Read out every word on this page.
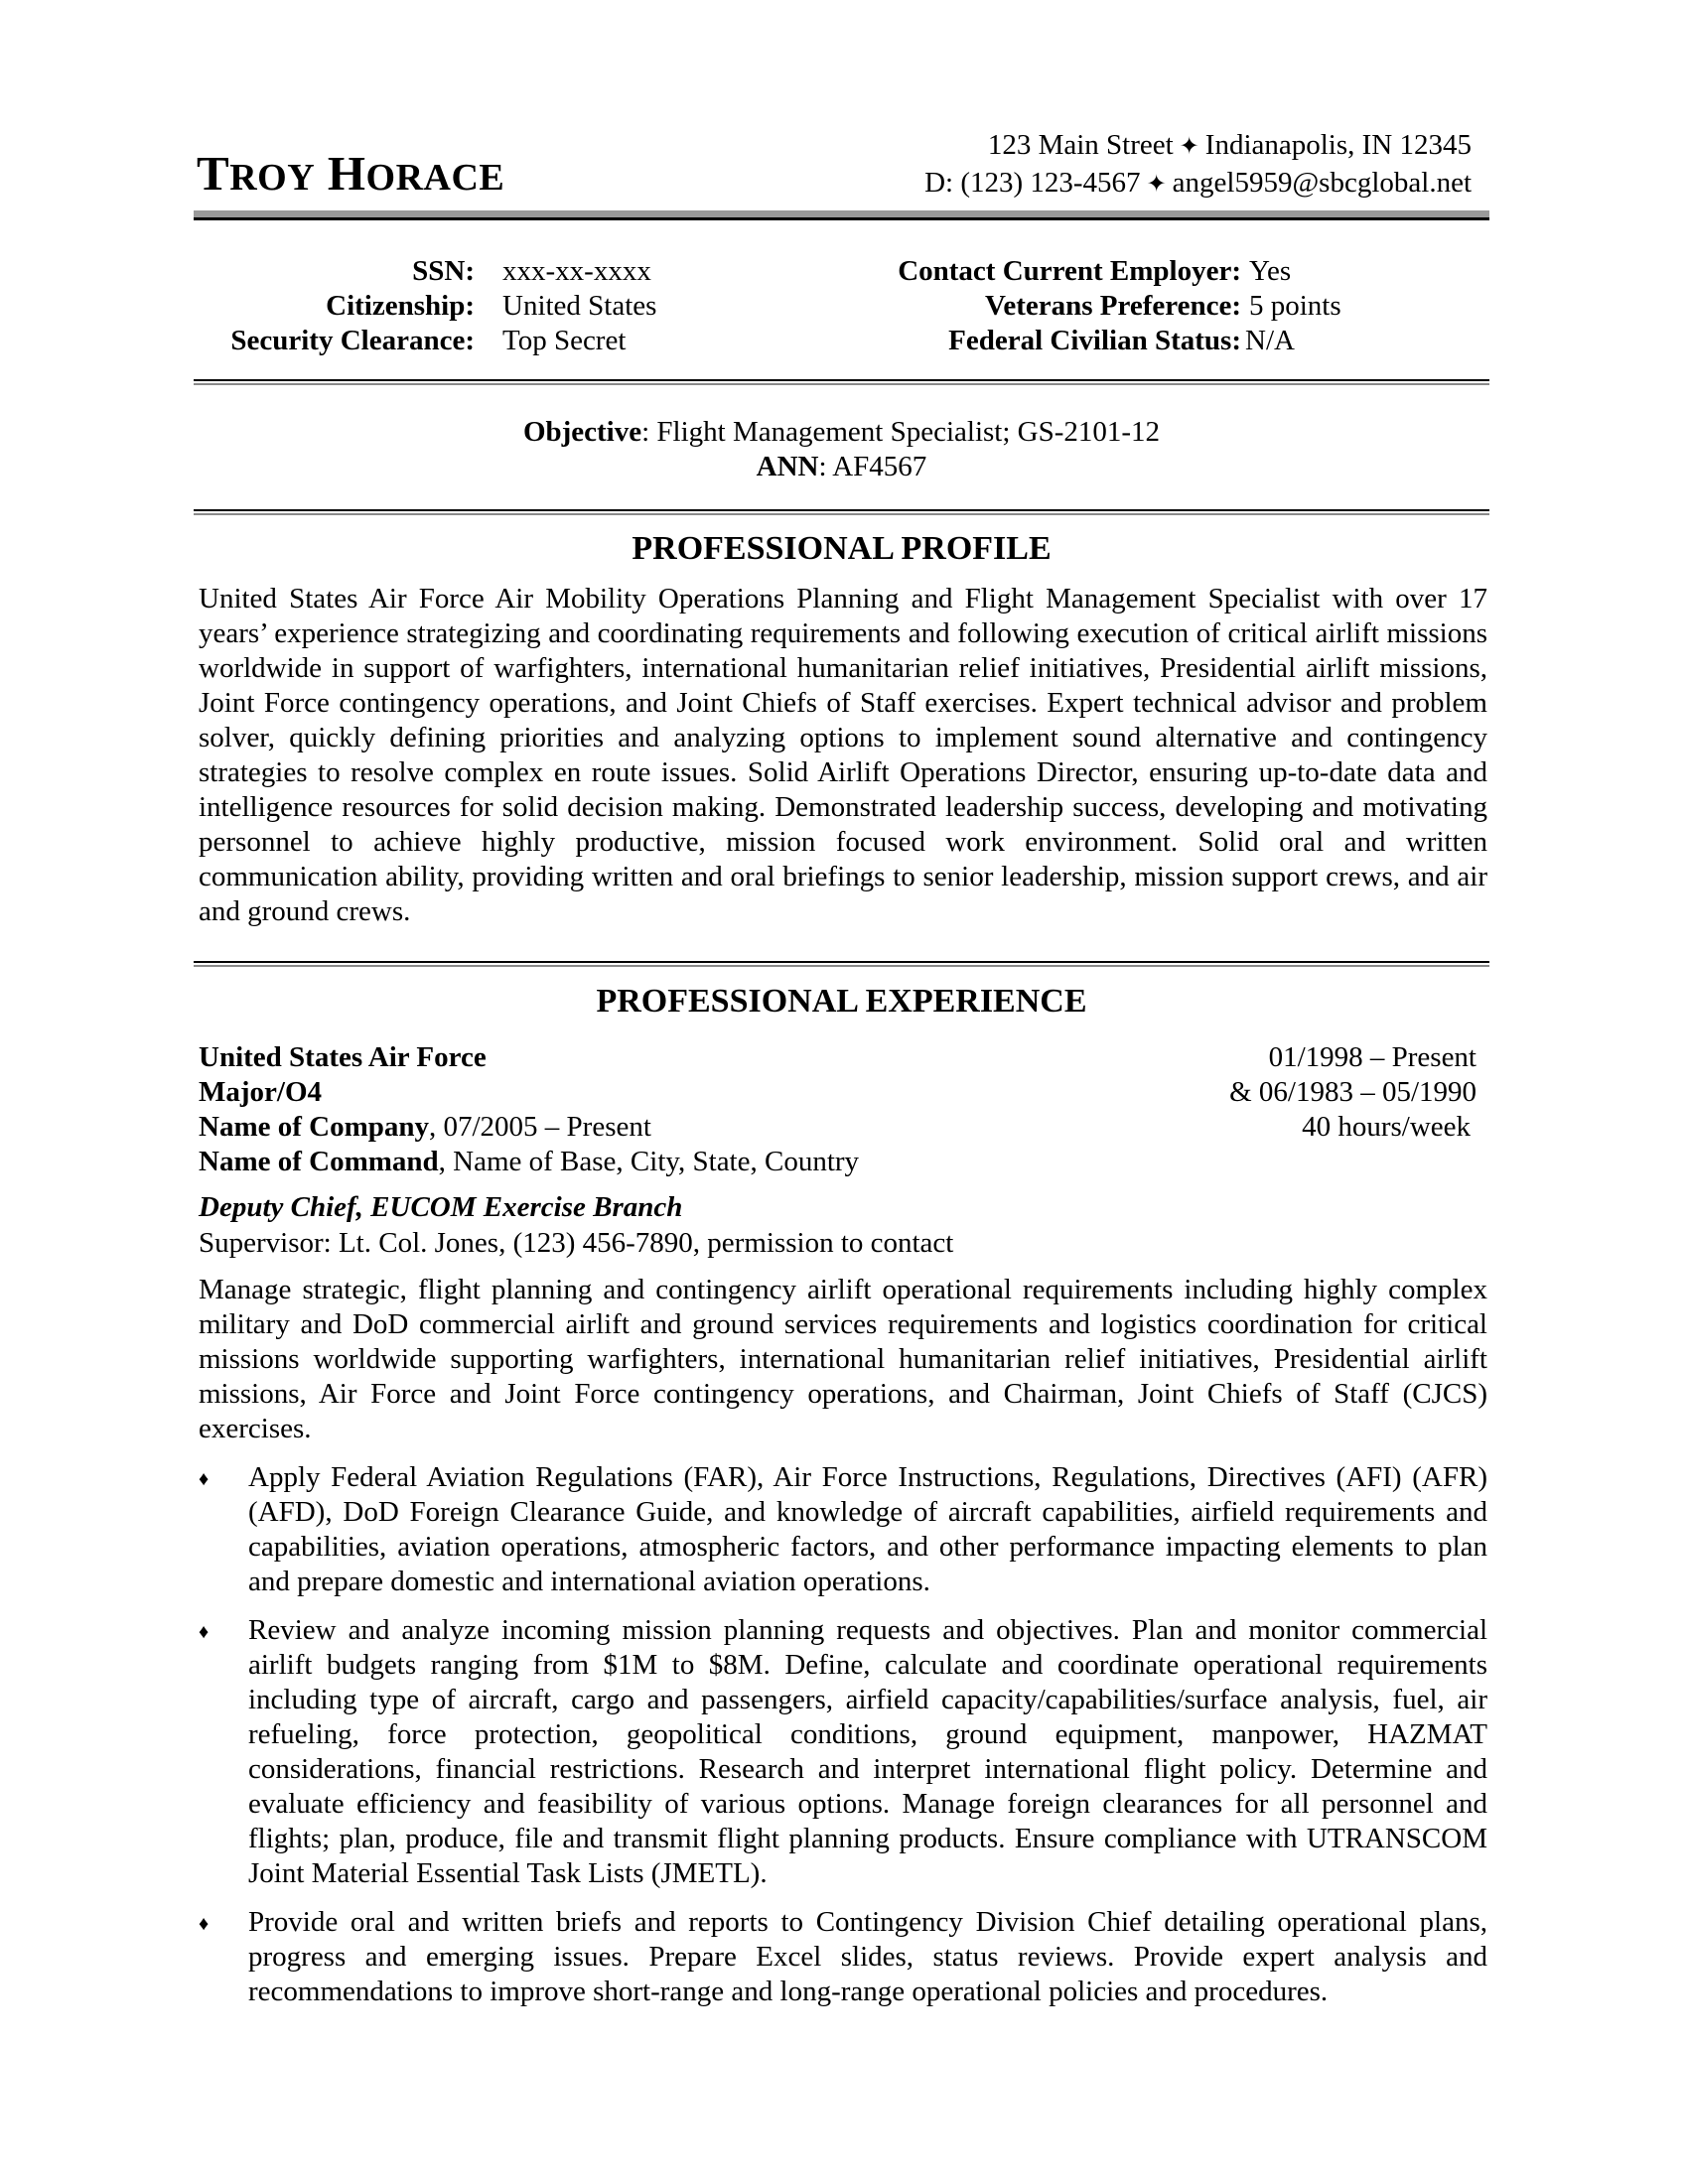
TROY HORACE
123 Main Street ✦ Indianapolis, IN 12345
D: (123) 123-4567 ✦ angel5959@sbcglobal.net
SSN: xxx-xx-xxxx
Citizenship: United States
Security Clearance: Top Secret
Contact Current Employer: Yes
Veterans Preference: 5 points
Federal Civilian Status: N/A
Objective: Flight Management Specialist; GS-2101-12
ANN: AF4567
PROFESSIONAL PROFILE

United States Air Force Air Mobility Operations Planning and Flight Management Specialist with over 17 years’ experience strategizing and coordinating requirements and following execution of critical airlift missions worldwide in support of warfighters, international humanitarian relief initiatives, Presidential airlift missions, Joint Force contingency operations, and Joint Chiefs of Staff exercises. Expert technical advisor and problem solver, quickly defining priorities and analyzing options to implement sound alternative and contingency strategies to resolve complex en route issues. Solid Airlift Operations Director, ensuring up-to-date data and intelligence resources for solid decision making. Demonstrated leadership success, developing and motivating personnel to achieve highly productive, mission focused work environment. Solid oral and written communication ability, providing written and oral briefings to senior leadership, mission support crews, and air and ground crews.

PROFESSIONAL EXPERIENCE
United States Air Force
Major/O4
Name of Company, 07/2005 – Present
Name of Command, Name of Base, City, State, Country
01/1998 – Present
& 06/1983 – 05/1990
40 hours/week
Deputy Chief, EUCOM Exercise Branch
Supervisor: Lt. Col. Jones, (123) 456-7890, permission to contact

Manage strategic, flight planning and contingency airlift operational requirements including highly complex military and DoD commercial airlift and ground services requirements and logistics coordination for critical missions worldwide supporting warfighters, international humanitarian relief initiatives, Presidential airlift missions, Air Force and Joint Force contingency operations, and Chairman, Joint Chiefs of Staff (CJCS) exercises.

♦ Apply Federal Aviation Regulations (FAR), Air Force Instructions, Regulations, Directives (AFI) (AFR) (AFD), DoD Foreign Clearance Guide, and knowledge of aircraft capabilities, airfield requirements and capabilities, aviation operations, atmospheric factors, and other performance impacting elements to plan and prepare domestic and international aviation operations.
♦ Review and analyze incoming mission planning requests and objectives. Plan and monitor commercial airlift budgets ranging from $1M to $8M. Define, calculate and coordinate operational requirements including type of aircraft, cargo and passengers, airfield capacity/capabilities/surface analysis, fuel, air refueling, force protection, geopolitical conditions, ground equipment, manpower, HAZMAT considerations, financial restrictions. Research and interpret international flight policy. Determine and evaluate efficiency and feasibility of various options. Manage foreign clearances for all personnel and flights; plan, produce, file and transmit flight planning products. Ensure compliance with UTRANSCOM Joint Material Essential Task Lists (JMETL).
♦ Provide oral and written briefs and reports to Contingency Division Chief detailing operational plans, progress and emerging issues. Prepare Excel slides, status reviews. Provide expert analysis and recommendations to improve short-range and long-range operational policies and procedures.
